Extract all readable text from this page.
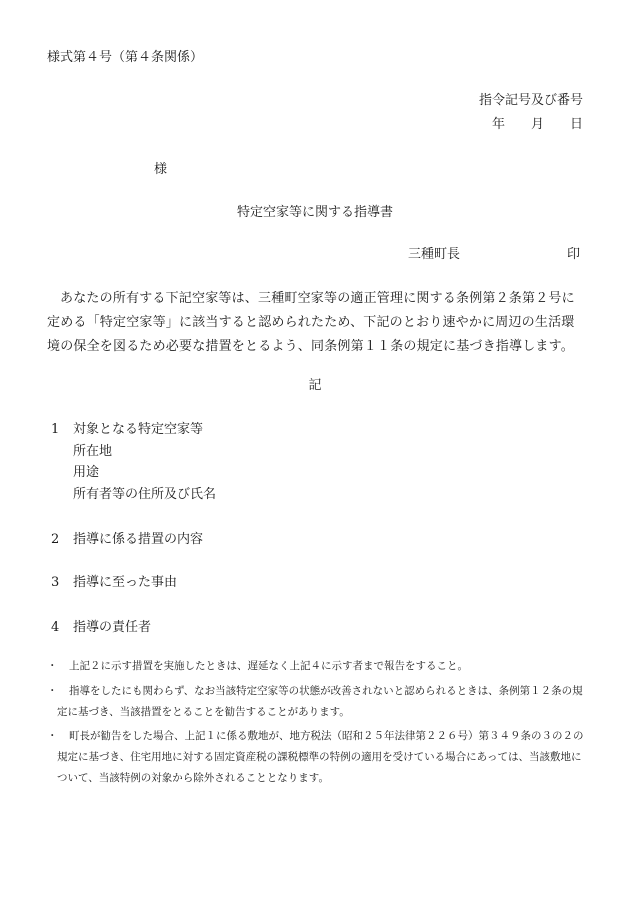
様式第４号（第４条関係）
指令記号及び番号
年　　月　　日
様
特定空家等に関する指導書
三種町長	印
あなたの所有する下記空家等は、三種町空家等の適正管理に関する条例第２条第２号に定める「特定空家等」に該当すると認められたため、下記のとおり速やかに周辺の生活環境の保全を図るため必要な措置をとるよう、同条例第１１条の規定に基づき指導します。
記
1 対象となる特定空家等
所在地
用途
所有者等の住所及び氏名
2 指導に係る措置の内容
3 指導に至った事由
4 指導の責任者
・	上記２に示す措置を実施したときは、遅延なく上記４に示す者まで報告をすること。
・	指導をしたにも関わらず、なお当該特定空家等の状態が改善されないと認められるときは、条例第１２条の規定に基づき、当該措置をとることを勧告することがあります。
・	町長が勧告をした場合、上記１に係る敷地が、地方税法（昭和２５年法律第２２６号）第３４９条の３の２の規定に基づき、住宅用地に対する固定資産税の課税標準の特例の適用を受けている場合にあっては、当該敷地について、当該特例の対象から除外されることとなります。
